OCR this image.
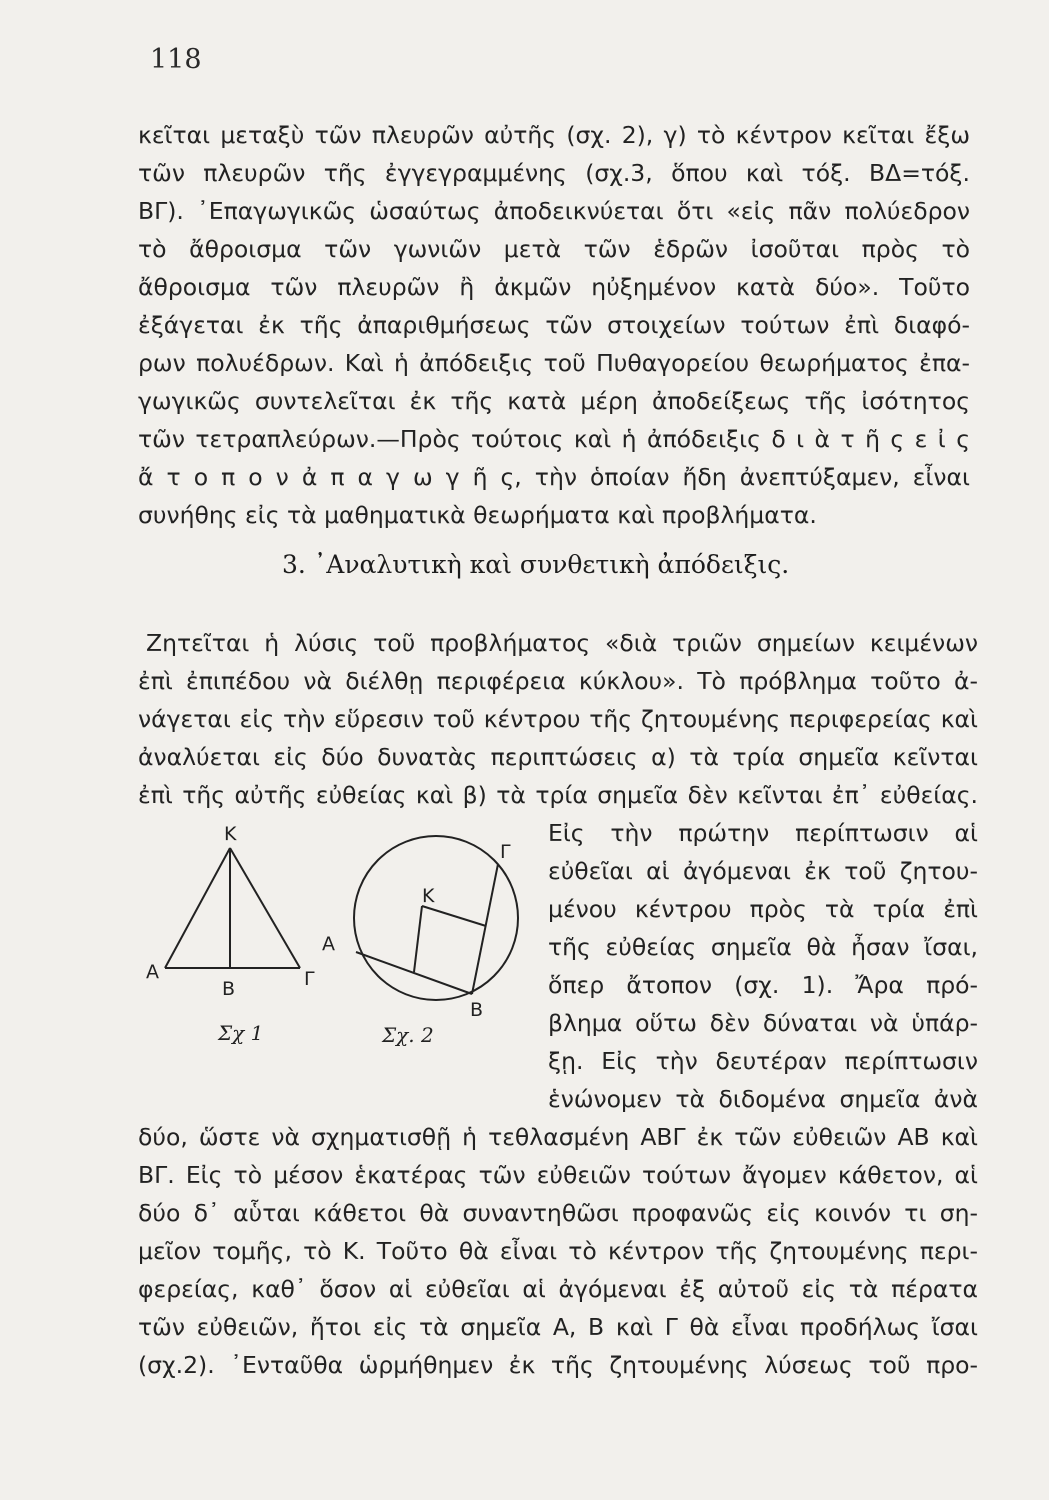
118
κεῖται μεταξὺ τῶν πλευρῶν αὐτῆς (σχ. 2), γ) τὸ κέντρον κεῖται ἔξω
τῶν πλευρῶν τῆς ἐγγεγραμμένης (σχ.3, ὅπου καὶ τόξ. ΒΔ=τόξ.
ΒΓ). ᾿Επαγωγικῶς ὡσαύτως ἀποδεικνύεται ὅτι «εἰς πᾶν πολύεδρον
τὸ ἄθροισμα τῶν γωνιῶν μετὰ τῶν ἑδρῶν ἰσοῦται πρὸς τὸ
ἄθροισμα τῶν πλευρῶν ἢ ἀκμῶν ηὐξημένον κατὰ δύο». Τοῦτο
ἐξάγεται ἐκ τῆς ἀπαριθμήσεως τῶν στοιχείων τούτων ἐπὶ διαφό-
ρων πολυέδρων. Καὶ ἡ ἀπόδειξις τοῦ Πυθαγορείου θεωρήματος ἐπα-
γωγικῶς συντελεῖται ἐκ τῆς κατὰ μέρη ἀποδείξεως τῆς ἰσότητος
τῶν τετραπλεύρων.—Πρὸς τούτοις καὶ ἡ ἀπόδειξις δ ι ὰ τ ῆ ς ε ἰ ς
ἄ τ ο π ο ν ἀ π α γ ω γ ῆ ς, τὴν ὁποίαν ἤδη ἀνεπτύξαμεν, εἶναι
συνήθης εἰς τὰ μαθηματικὰ θεωρήματα καὶ προβλήματα.
3. ᾿Αναλυτικὴ καὶ συνθετικὴ ἀπόδειξις.
Ζητεῖται ἡ λύσις τοῦ προβλήματος «διὰ τριῶν σημείων κειμένων
ἐπὶ ἐπιπέδου νὰ διέλθῃ περιφέρεια κύκλου». Τὸ πρόβλημα τοῦτο ἀ-
νάγεται εἰς τὴν εὕρεσιν τοῦ κέντρου τῆς ζητουμένης περιφερείας καὶ
ἀναλύεται εἰς δύο δυνατὰς περιπτώσεις α) τὰ τρία σημεῖα κεῖνται
ἐπὶ τῆς αὐτῆς εὐθείας καὶ β) τὰ τρία σημεῖα δὲν κεῖνται ἐπ᾿ εὐθείας.
Εἰς τὴν πρώτην περίπτωσιν αἱ
εὐθεῖαι αἱ ἀγόμεναι ἐκ τοῦ ζητου-
μένου κέντρου πρὸς τὰ τρία ἐπὶ
τῆς εὐθείας σημεῖα θὰ ἦσαν ἴσαι,
ὅπερ ἄτοπον (σχ. 1). Ἄρα πρό-
βλημα οὕτω δὲν δύναται νὰ ὑπάρ-
ξῃ. Εἰς τὴν δευτέραν περίπτωσιν
ἑνώνομεν τὰ διδομένα σημεῖα ἀνὰ
δύο, ὥστε νὰ σχηματισθῇ ἡ τεθλασμένη ΑΒΓ ἐκ τῶν εὐθειῶν ΑΒ καὶ
ΒΓ. Εἰς τὸ μέσον ἑκατέρας τῶν εὐθειῶν τούτων ἄγομεν κάθετον, αἱ
δύο δ᾿ αὗται κάθετοι θὰ συναντηθῶσι προφανῶς εἰς κοινόν τι ση-
μεῖον τομῆς, τὸ Κ. Τοῦτο θὰ εἶναι τὸ κέντρον τῆς ζητουμένης περι-
φερείας, καθ᾿ ὅσον αἱ εὐθεῖαι αἱ ἀγόμεναι ἐξ αὐτοῦ εἰς τὰ πέρατα
τῶν εὐθειῶν, ἤτοι εἰς τὰ σημεῖα Α, Β καὶ Γ θὰ εἶναι προδήλως ἴσαι
(σχ.2). ᾿Ενταῦθα ὡρμήθημεν ἐκ τῆς ζητουμένης λύσεως τοῦ προ-
Κ
Α
Β	Γ
Σχ 1
Α
Β
Γ
Κ
Σχ. 2
